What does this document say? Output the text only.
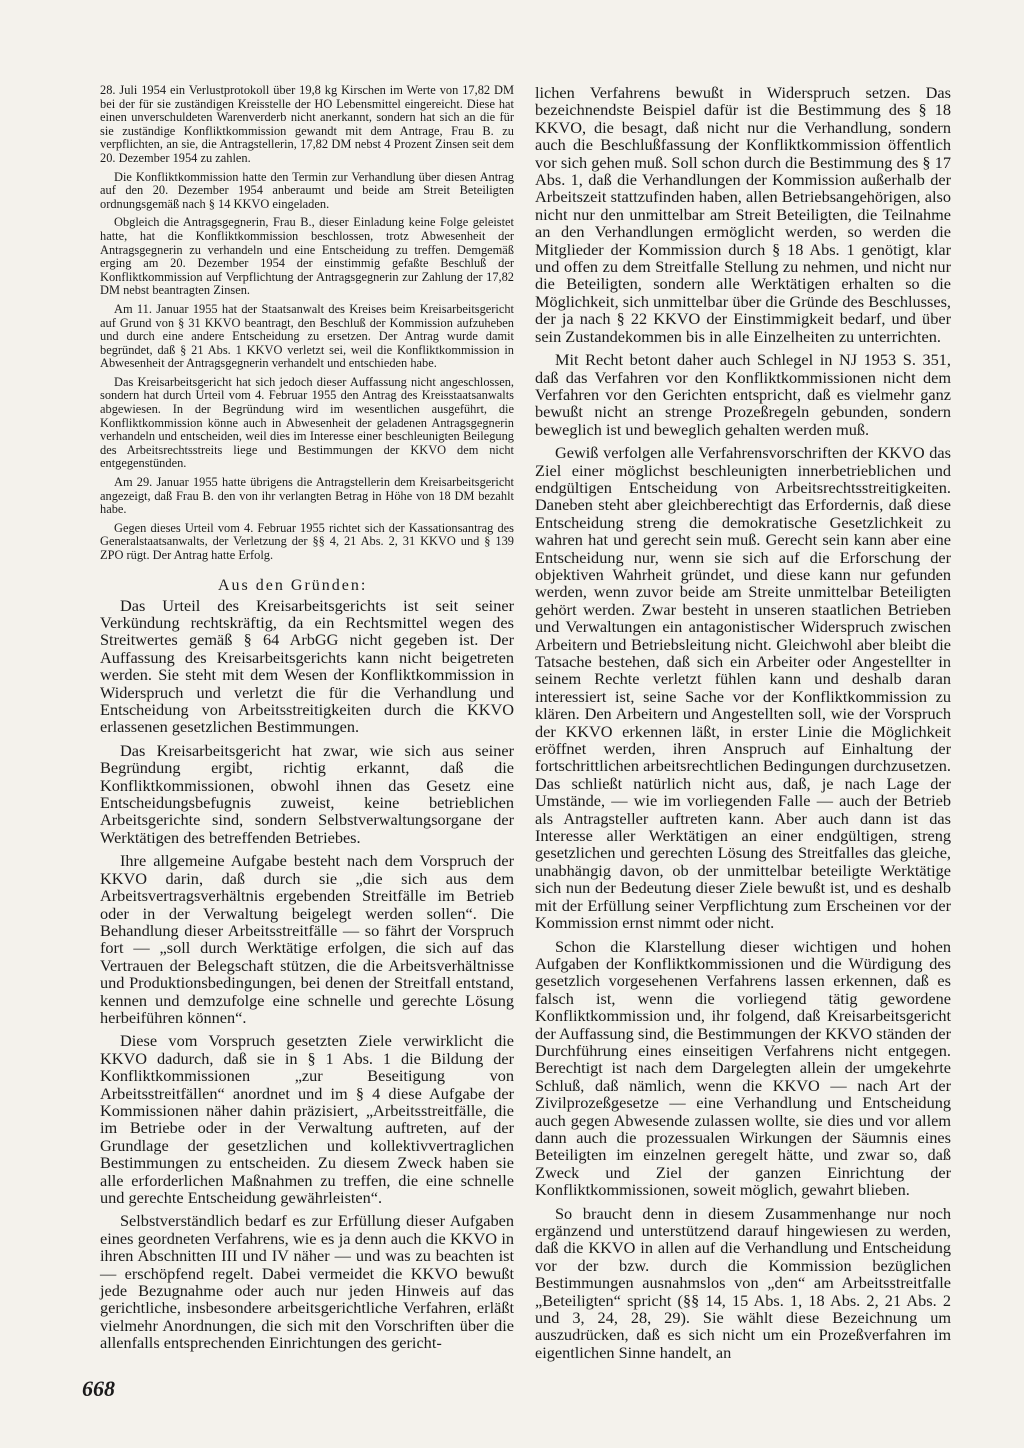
28. Juli 1954 ein Verlustprotokoll über 19,8 kg Kirschen im Werte von 17,82 DM bei der für sie zuständigen Kreisstelle der HO Lebensmittel eingereicht. Diese hat einen unverschuldeten Warenverderb nicht anerkannt, sondern hat sich an die für sie zuständige Konfliktkommission gewandt mit dem Antrage, Frau B. zu verpflichten, an sie, die Antragstellerin, 17,82 DM nebst 4 Prozent Zinsen seit dem 20. Dezember 1954 zu zahlen.

Die Konfliktkommission hatte den Termin zur Verhandlung über diesen Antrag auf den 20. Dezember 1954 anberaumt und beide am Streit Beteiligten ordnungsgemäß nach § 14 KKVO eingeladen.

Obgleich die Antragsgegnerin, Frau B., dieser Einladung keine Folge geleistet hatte, hat die Konfliktkommission beschlossen, trotz Abwesenheit der Antragsgegnerin zu verhandeln und eine Entscheidung zu treffen. Demgemäß erging am 20. Dezember 1954 der einstimmig gefaßte Beschluß der Konfliktkommission auf Verpflichtung der Antragsgegnerin zur Zahlung der 17,82 DM nebst beantragten Zinsen.

Am 11. Januar 1955 hat der Staatsanwalt des Kreises beim Kreisarbeitsgericht auf Grund von § 31 KKVO beantragt, den Beschluß der Kommission aufzuheben und durch eine andere Entscheidung zu ersetzen. Der Antrag wurde damit begründet, daß § 21 Abs. 1 KKVO verletzt sei, weil die Konfliktkommission in Abwesenheit der Antragsgegnerin verhandelt und entschieden habe.

Das Kreisarbeitsgericht hat sich jedoch dieser Auffassung nicht angeschlossen, sondern hat durch Urteil vom 4. Februar 1955 den Antrag des Kreisstaatsanwalts abgewiesen. In der Begründung wird im wesentlichen ausgeführt, die Konfliktkommission könne auch in Abwesenheit der geladenen Antragsgegnerin verhandeln und entscheiden, weil dies im Interesse einer beschleunigten Beilegung des Arbeitsrechtsstreits liege und Bestimmungen der KKVO dem nicht entgegenstünden.

Am 29. Januar 1955 hatte übrigens die Antragstellerin dem Kreisarbeitsgericht angezeigt, daß Frau B. den von ihr verlangten Betrag in Höhe von 18 DM bezahlt habe.

Gegen dieses Urteil vom 4. Februar 1955 richtet sich der Kassationsantrag des Generalstaatsanwalts, der Verletzung der §§ 4, 21 Abs. 2, 31 KKVO und § 139 ZPO rügt. Der Antrag hatte Erfolg.

Aus den Gründen:

Das Urteil des Kreisarbeitsgerichts ist seit seiner Verkündung rechtskräftig, da ein Rechtsmittel wegen des Streitwertes gemäß § 64 ArbGG nicht gegeben ist. Der Auffassung des Kreisarbeitsgerichts kann nicht beigetreten werden. Sie steht mit dem Wesen der Konfliktkommission in Widerspruch und verletzt die für die Verhandlung und Entscheidung von Arbeitsstreitigkeiten durch die KKVO erlassenen gesetzlichen Bestimmungen.

Das Kreisarbeitsgericht hat zwar, wie sich aus seiner Begründung ergibt, richtig erkannt, daß die Konfliktkommissionen, obwohl ihnen das Gesetz eine Entscheidungsbefugnis zuweist, keine betrieblichen Arbeitsgerichte sind, sondern Selbstverwaltungsorgane der Werktätigen des betreffenden Betriebes.

Ihre allgemeine Aufgabe besteht nach dem Vorspruch der KKVO darin, daß durch sie „die sich aus dem Arbeitsvertragsverhältnis ergebenden Streitfälle im Betrieb oder in der Verwaltung beigelegt werden sollen“. Die Behandlung dieser Arbeitsstreitfälle — so fährt der Vorspruch fort — „soll durch Werktätige erfolgen, die sich auf das Vertrauen der Belegschaft stützen, die die Arbeitsverhältnisse und Produktionsbedingungen, bei denen der Streitfall entstand, kennen und demzufolge eine schnelle und gerechte Lösung herbeiführen können“.

Diese vom Vorspruch gesetzten Ziele verwirklicht die KKVO dadurch, daß sie in § 1 Abs. 1 die Bildung der Konfliktkommissionen „zur Beseitigung von Arbeitsstreitfällen“ anordnet und im § 4 diese Aufgabe der Kommissionen näher dahin präzisiert, „Arbeitsstreitfälle, die im Betriebe oder in der Verwaltung auftreten, auf der Grundlage der gesetzlichen und kollektivvertraglichen Bestimmungen zu entscheiden. Zu diesem Zweck haben sie alle erforderlichen Maßnahmen zu treffen, die eine schnelle und gerechte Entscheidung gewährleisten“.

Selbstverständlich bedarf es zur Erfüllung dieser Aufgaben eines geordneten Verfahrens, wie es ja denn auch die KKVO in ihren Abschnitten III und IV näher — und was zu beachten ist — erschöpfend regelt. Dabei vermeidet die KKVO bewußt jede Bezugnahme oder auch nur jeden Hinweis auf das gerichtliche, insbesondere arbeitsgerichtliche Verfahren, erläßt vielmehr Anordnungen, die sich mit den Vorschriften über die allenfalls entsprechenden Einrichtungen des gericht-

lichen Verfahrens bewußt in Widerspruch setzen. Das bezeichnendste Beispiel dafür ist die Bestimmung des § 18 KKVO, die besagt, daß nicht nur die Verhandlung, sondern auch die Beschlußfassung der Konfliktkommission öffentlich vor sich gehen muß. Soll schon durch die Bestimmung des § 17 Abs. 1, daß die Verhandlungen der Kommission außerhalb der Arbeitszeit stattzufinden haben, allen Betriebsangehörigen, also nicht nur den unmittelbar am Streit Beteiligten, die Teilnahme an den Verhandlungen ermöglicht werden, so werden die Mitglieder der Kommission durch § 18 Abs. 1 genötigt, klar und offen zu dem Streitfalle Stellung zu nehmen, und nicht nur die Beteiligten, sondern alle Werktätigen erhalten so die Möglichkeit, sich unmittelbar über die Gründe des Beschlusses, der ja nach § 22 KKVO der Einstimmigkeit bedarf, und über sein Zustandekommen bis in alle Einzelheiten zu unterrichten.

Mit Recht betont daher auch Schlegel in NJ 1953 S. 351, daß das Verfahren vor den Konfliktkommissionen nicht dem Verfahren vor den Gerichten entspricht, daß es vielmehr ganz bewußt nicht an strenge Prozeßregeln gebunden, sondern beweglich ist und beweglich gehalten werden muß.

Gewiß verfolgen alle Verfahrensvorschriften der KKVO das Ziel einer möglichst beschleunigten innerbetrieblichen und endgültigen Entscheidung von Arbeitsrechtsstreitigkeiten. Daneben steht aber gleichberechtigt das Erfordernis, daß diese Entscheidung streng die demokratische Gesetzlichkeit zu wahren hat und gerecht sein muß. Gerecht sein kann aber eine Entscheidung nur, wenn sie sich auf die Erforschung der objektiven Wahrheit gründet, und diese kann nur gefunden werden, wenn zuvor beide am Streite unmittelbar Beteiligten gehört werden. Zwar besteht in unseren staatlichen Betrieben und Verwaltungen ein antagonistischer Widerspruch zwischen Arbeitern und Betriebsleitung nicht. Gleichwohl aber bleibt die Tatsache bestehen, daß sich ein Arbeiter oder Angestellter in seinem Rechte verletzt fühlen kann und deshalb daran interessiert ist, seine Sache vor der Konfliktkommission zu klären. Den Arbeitern und Angestellten soll, wie der Vorspruch der KKVO erkennen läßt, in erster Linie die Möglichkeit eröffnet werden, ihren Anspruch auf Einhaltung der fortschrittlichen arbeitsrechtlichen Bedingungen durchzusetzen. Das schließt natürlich nicht aus, daß, je nach Lage der Umstände, — wie im vorliegenden Falle — auch der Betrieb als Antragsteller auftreten kann. Aber auch dann ist das Interesse aller Werktätigen an einer endgültigen, streng gesetzlichen und gerechten Lösung des Streitfalles das gleiche, unabhängig davon, ob der unmittelbar beteiligte Werktätige sich nun der Bedeutung dieser Ziele bewußt ist, und es deshalb mit der Erfüllung seiner Verpflichtung zum Erscheinen vor der Kommission ernst nimmt oder nicht.

Schon die Klarstellung dieser wichtigen und hohen Aufgaben der Konfliktkommissionen und die Würdigung des gesetzlich vorgesehenen Verfahrens lassen erkennen, daß es falsch ist, wenn die vorliegend tätig gewordene Konfliktkommission und, ihr folgend, daß Kreisarbeitsgericht der Auffassung sind, die Bestimmungen der KKVO ständen der Durchführung eines einseitigen Verfahrens nicht entgegen. Berechtigt ist nach dem Dargelegten allein der umgekehrte Schluß, daß nämlich, wenn die KKVO — nach Art der Zivilprozeßgesetze — eine Verhandlung und Entscheidung auch gegen Abwesende zulassen wollte, sie dies und vor allem dann auch die prozessualen Wirkungen der Säumnis eines Beteiligten im einzelnen geregelt hätte, und zwar so, daß Zweck und Ziel der ganzen Einrichtung der Konfliktkommissionen, soweit möglich, gewahrt blieben.

So braucht denn in diesem Zusammenhange nur noch ergänzend und unterstützend darauf hingewiesen zu werden, daß die KKVO in allen auf die Verhandlung und Entscheidung vor der bzw. durch die Kommission bezüglichen Bestimmungen ausnahmslos von „den“ am Arbeitsstreitfalle „Beteiligten“ spricht (§§ 14, 15 Abs. 1, 18 Abs. 2, 21 Abs. 2 und 3, 24, 28, 29). Sie wählt diese Bezeichnung um auszudrücken, daß es sich nicht um ein Prozeßverfahren im eigentlichen Sinne handelt, an

668
